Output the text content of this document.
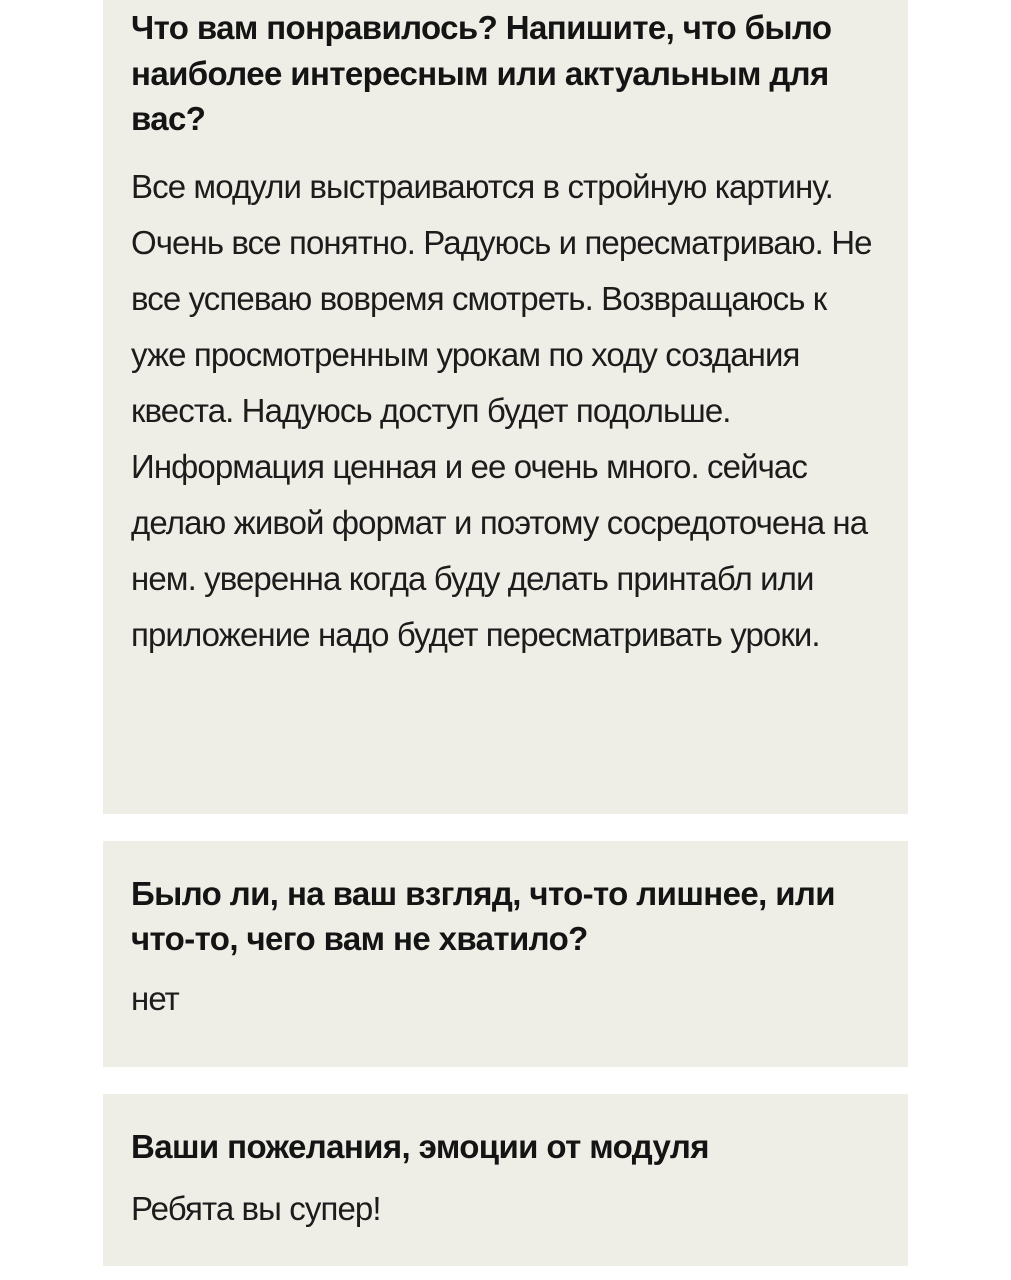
Что вам понравилось? Напишите, что было наиболее интересным или актуальным для вас?

Все модули выстраиваются в стройную картину. Очень все понятно. Радуюсь и пересматриваю. Не все успеваю вовремя смотреть. Возвращаюсь к уже просмотренным урокам по ходу создания квеста. Надуюсь доступ будет подольше. Информация ценная и ее очень много. сейчас делаю живой формат и поэтому сосредоточена на нем. уверенна когда буду делать принтабл или приложение надо будет пересматривать уроки.

Было ли, на ваш взгляд, что-то лишнее, или что-то, чего вам не хватило?

нет

Ваши пожелания, эмоции от модуля

Ребята вы супер!
